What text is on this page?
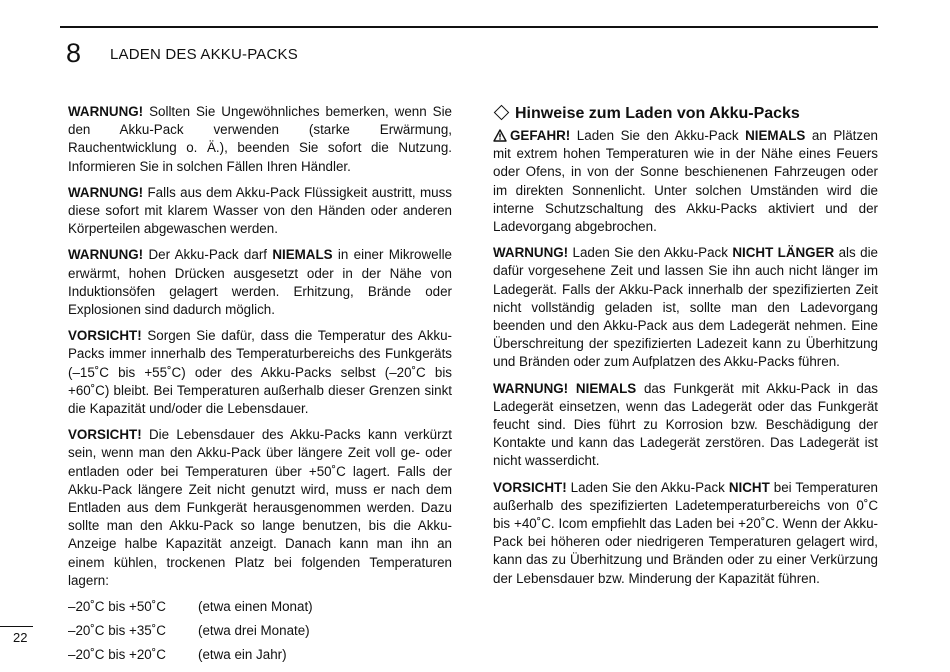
8 LADEN DES AKKU-PACKS

WARNUNG! Sollten Sie Ungewöhnliches bemerken, wenn Sie den Akku-Pack verwenden (starke Erwärmung, Rauchentwicklung o. Ä.), beenden Sie sofort die Nutzung. Informieren Sie in solchen Fällen Ihren Händler.

WARNUNG! Falls aus dem Akku-Pack Flüssigkeit austritt, muss diese sofort mit klarem Wasser von den Händen oder anderen Körperteilen abgewaschen werden.

WARNUNG! Der Akku-Pack darf NIEMALS in einer Mikrowelle erwärmt, hohen Drücken ausgesetzt oder in der Nähe von Induktionsöfen gelagert werden. Erhitzung, Brände oder Explosionen sind dadurch möglich.

VORSICHT! Sorgen Sie dafür, dass die Temperatur des Akku-Packs immer innerhalb des Temperaturbereichs des Funkgeräts (–15˚C bis +55˚C) oder des Akku-Packs selbst (–20˚C bis +60˚C) bleibt. Bei Temperaturen außerhalb dieser Grenzen sinkt die Kapazität und/oder die Lebensdauer.

VORSICHT! Die Lebensdauer des Akku-Packs kann verkürzt sein, wenn man den Akku-Pack über längere Zeit voll ge- oder entladen oder bei Temperaturen über +50˚C lagert. Falls der Akku-Pack längere Zeit nicht genutzt wird, muss er nach dem Entladen aus dem Funkgerät herausgenommen werden. Dazu sollte man den Akku-Pack so lange benutzen, bis die Akku-Anzeige halbe Kapazität anzeigt. Danach kann man ihn an einem kühlen, trockenen Platz bei folgenden Temperaturen lagern:

–20˚C bis +50˚C	(etwa einen Monat)
–20˚C bis +35˚C	(etwa drei Monate)
–20˚C bis +20˚C	(etwa ein Jahr)
Hinweise zum Laden von Akku-Packs

GEFAHR! Laden Sie den Akku-Pack NIEMALS an Plätzen mit extrem hohen Temperaturen wie in der Nähe eines Feuers oder Ofens, in von der Sonne beschienenen Fahrzeugen oder im direkten Sonnenlicht. Unter solchen Umständen wird die interne Schutzschaltung des Akku-Packs aktiviert und der Ladevorgang abgebrochen.

WARNUNG! Laden Sie den Akku-Pack NICHT LÄNGER als die dafür vorgesehene Zeit und lassen Sie ihn auch nicht länger im Ladegerät. Falls der Akku-Pack innerhalb der spezifizierten Zeit nicht vollständig geladen ist, sollte man den Ladevorgang beenden und den Akku-Pack aus dem Ladegerät nehmen. Eine Überschreitung der spezifizierten Ladezeit kann zu Überhitzung und Bränden oder zum Aufplatzen des Akku-Packs führen.

WARNUNG! NIEMALS das Funkgerät mit Akku-Pack in das Ladegerät einsetzen, wenn das Ladegerät oder das Funkgerät feucht sind. Dies führt zu Korrosion bzw. Beschädigung der Kontakte und kann das Ladegerät zerstören. Das Ladegerät ist nicht wasserdicht.

VORSICHT! Laden Sie den Akku-Pack NICHT bei Temperaturen außerhalb des spezifizierten Ladetemperaturbereichs von 0˚C bis +40˚C. Icom empfiehlt das Laden bei +20˚C. Wenn der Akku-Pack bei höheren oder niedrigeren Temperaturen gelagert wird, kann das zu Überhitzung und Bränden oder zu einer Verkürzung der Lebensdauer bzw. Minderung der Kapazität führen.

22
